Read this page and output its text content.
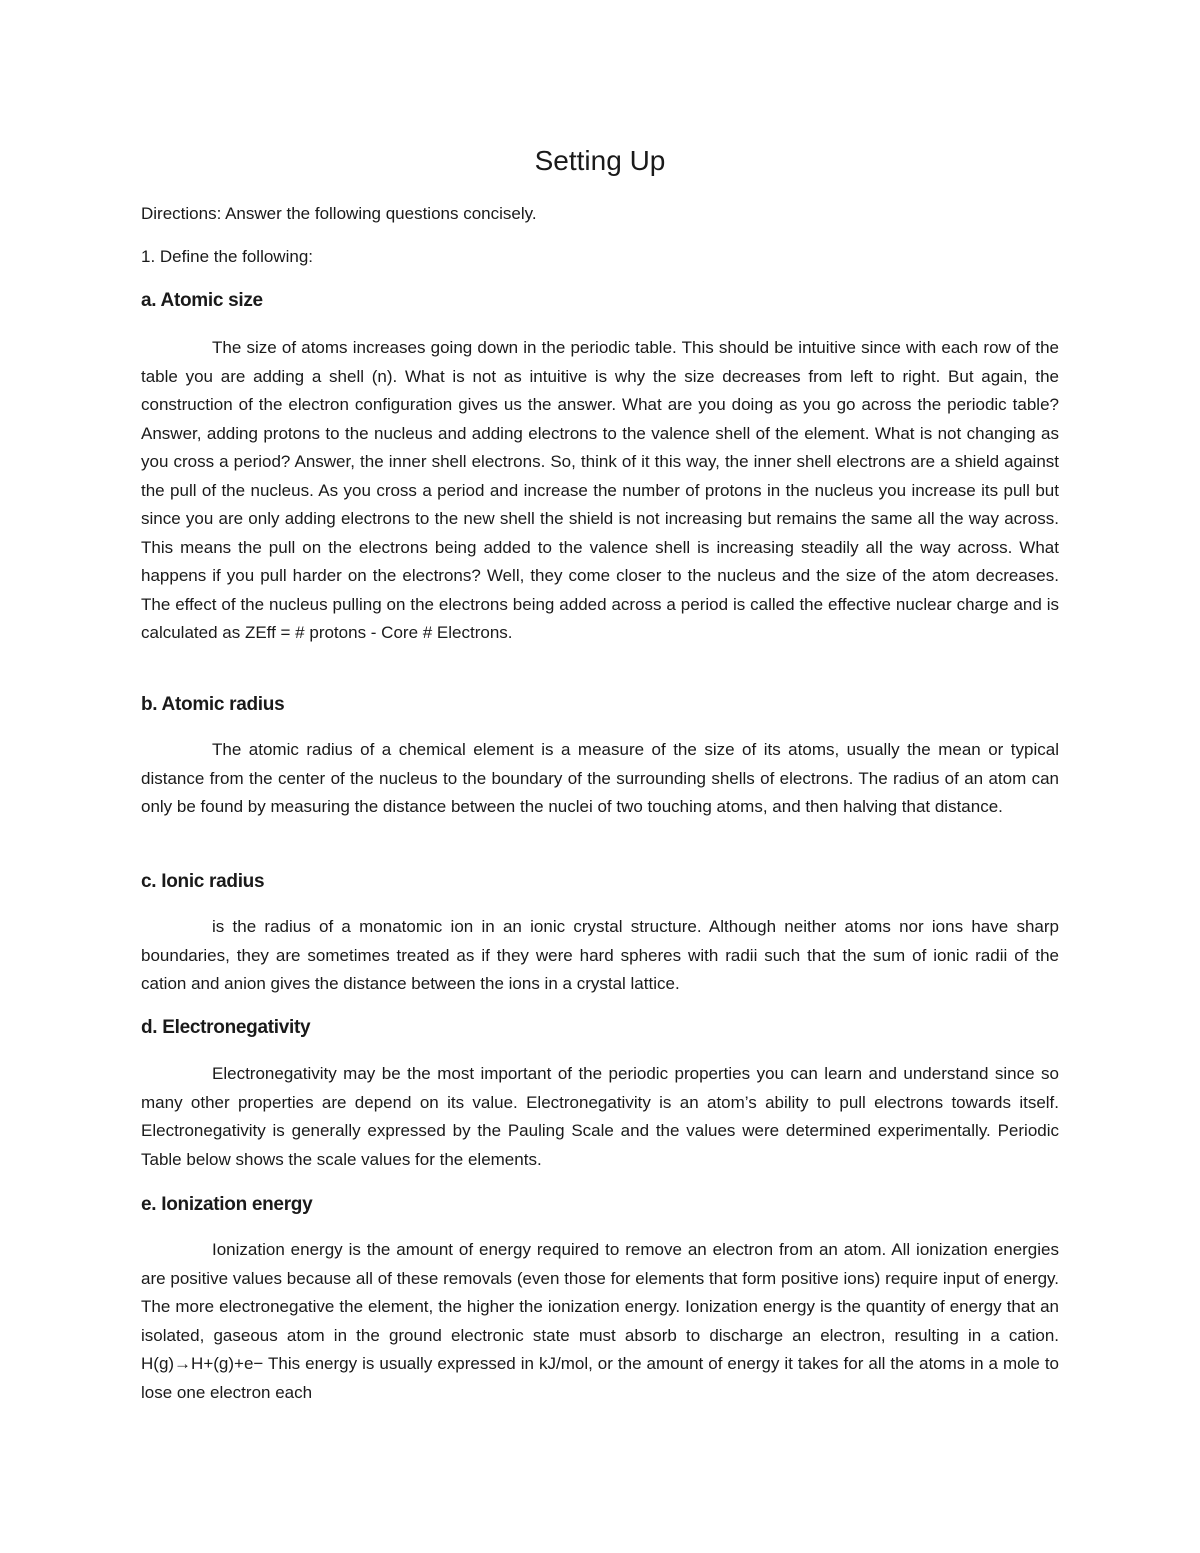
Setting Up
Directions: Answer the following questions concisely.
1. Define the following:
a. Atomic size

The size of atoms increases going down in the periodic table. This should be intuitive since with each row of the table you are adding a shell (n). What is not as intuitive is why the size decreases from left to right. But again, the construction of the electron configuration gives us the answer. What are you doing as you go across the periodic table? Answer, adding protons to the nucleus and adding electrons to the valence shell of the element. What is not changing as you cross a period? Answer, the inner shell electrons. So, think of it this way, the inner shell electrons are a shield against the pull of the nucleus. As you cross a period and increase the number of protons in the nucleus you increase its pull but since you are only adding electrons to the new shell the shield is not increasing but remains the same all the way across. This means the pull on the electrons being added to the valence shell is increasing steadily all the way across. What happens if you pull harder on the electrons? Well, they come closer to the nucleus and the size of the atom decreases. The effect of the nucleus pulling on the electrons being added across a period is called the effective nuclear charge and is calculated as ZEff = # protons - Core # Electrons.

b. Atomic radius

The atomic radius of a chemical element is a measure of the size of its atoms, usually the mean or typical distance from the center of the nucleus to the boundary of the surrounding shells of electrons. The radius of an atom can only be found by measuring the distance between the nuclei of two touching atoms, and then halving that distance.

c. Ionic radius

is the radius of a monatomic ion in an ionic crystal structure. Although neither atoms nor ions have sharp boundaries, they are sometimes treated as if they were hard spheres with radii such that the sum of ionic radii of the cation and anion gives the distance between the ions in a crystal lattice.

d. Electronegativity

Electronegativity may be the most important of the periodic properties you can learn and understand since so many other properties are depend on its value. Electronegativity is an atom’s ability to pull electrons towards itself. Electronegativity is generally expressed by the Pauling Scale and the values were determined experimentally. Periodic Table below shows the scale values for the elements.

e. Ionization energy

Ionization energy is the amount of energy required to remove an electron from an atom. All ionization energies are positive values because all of these removals (even those for elements that form positive ions) require input of energy. The more electronegative the element, the higher the ionization energy. Ionization energy is the quantity of energy that an isolated, gaseous atom in the ground electronic state must absorb to discharge an electron, resulting in a cation. H(g)→H+(g)+e− This energy is usually expressed in kJ/mol, or the amount of energy it takes for all the atoms in a mole to lose one electron each
